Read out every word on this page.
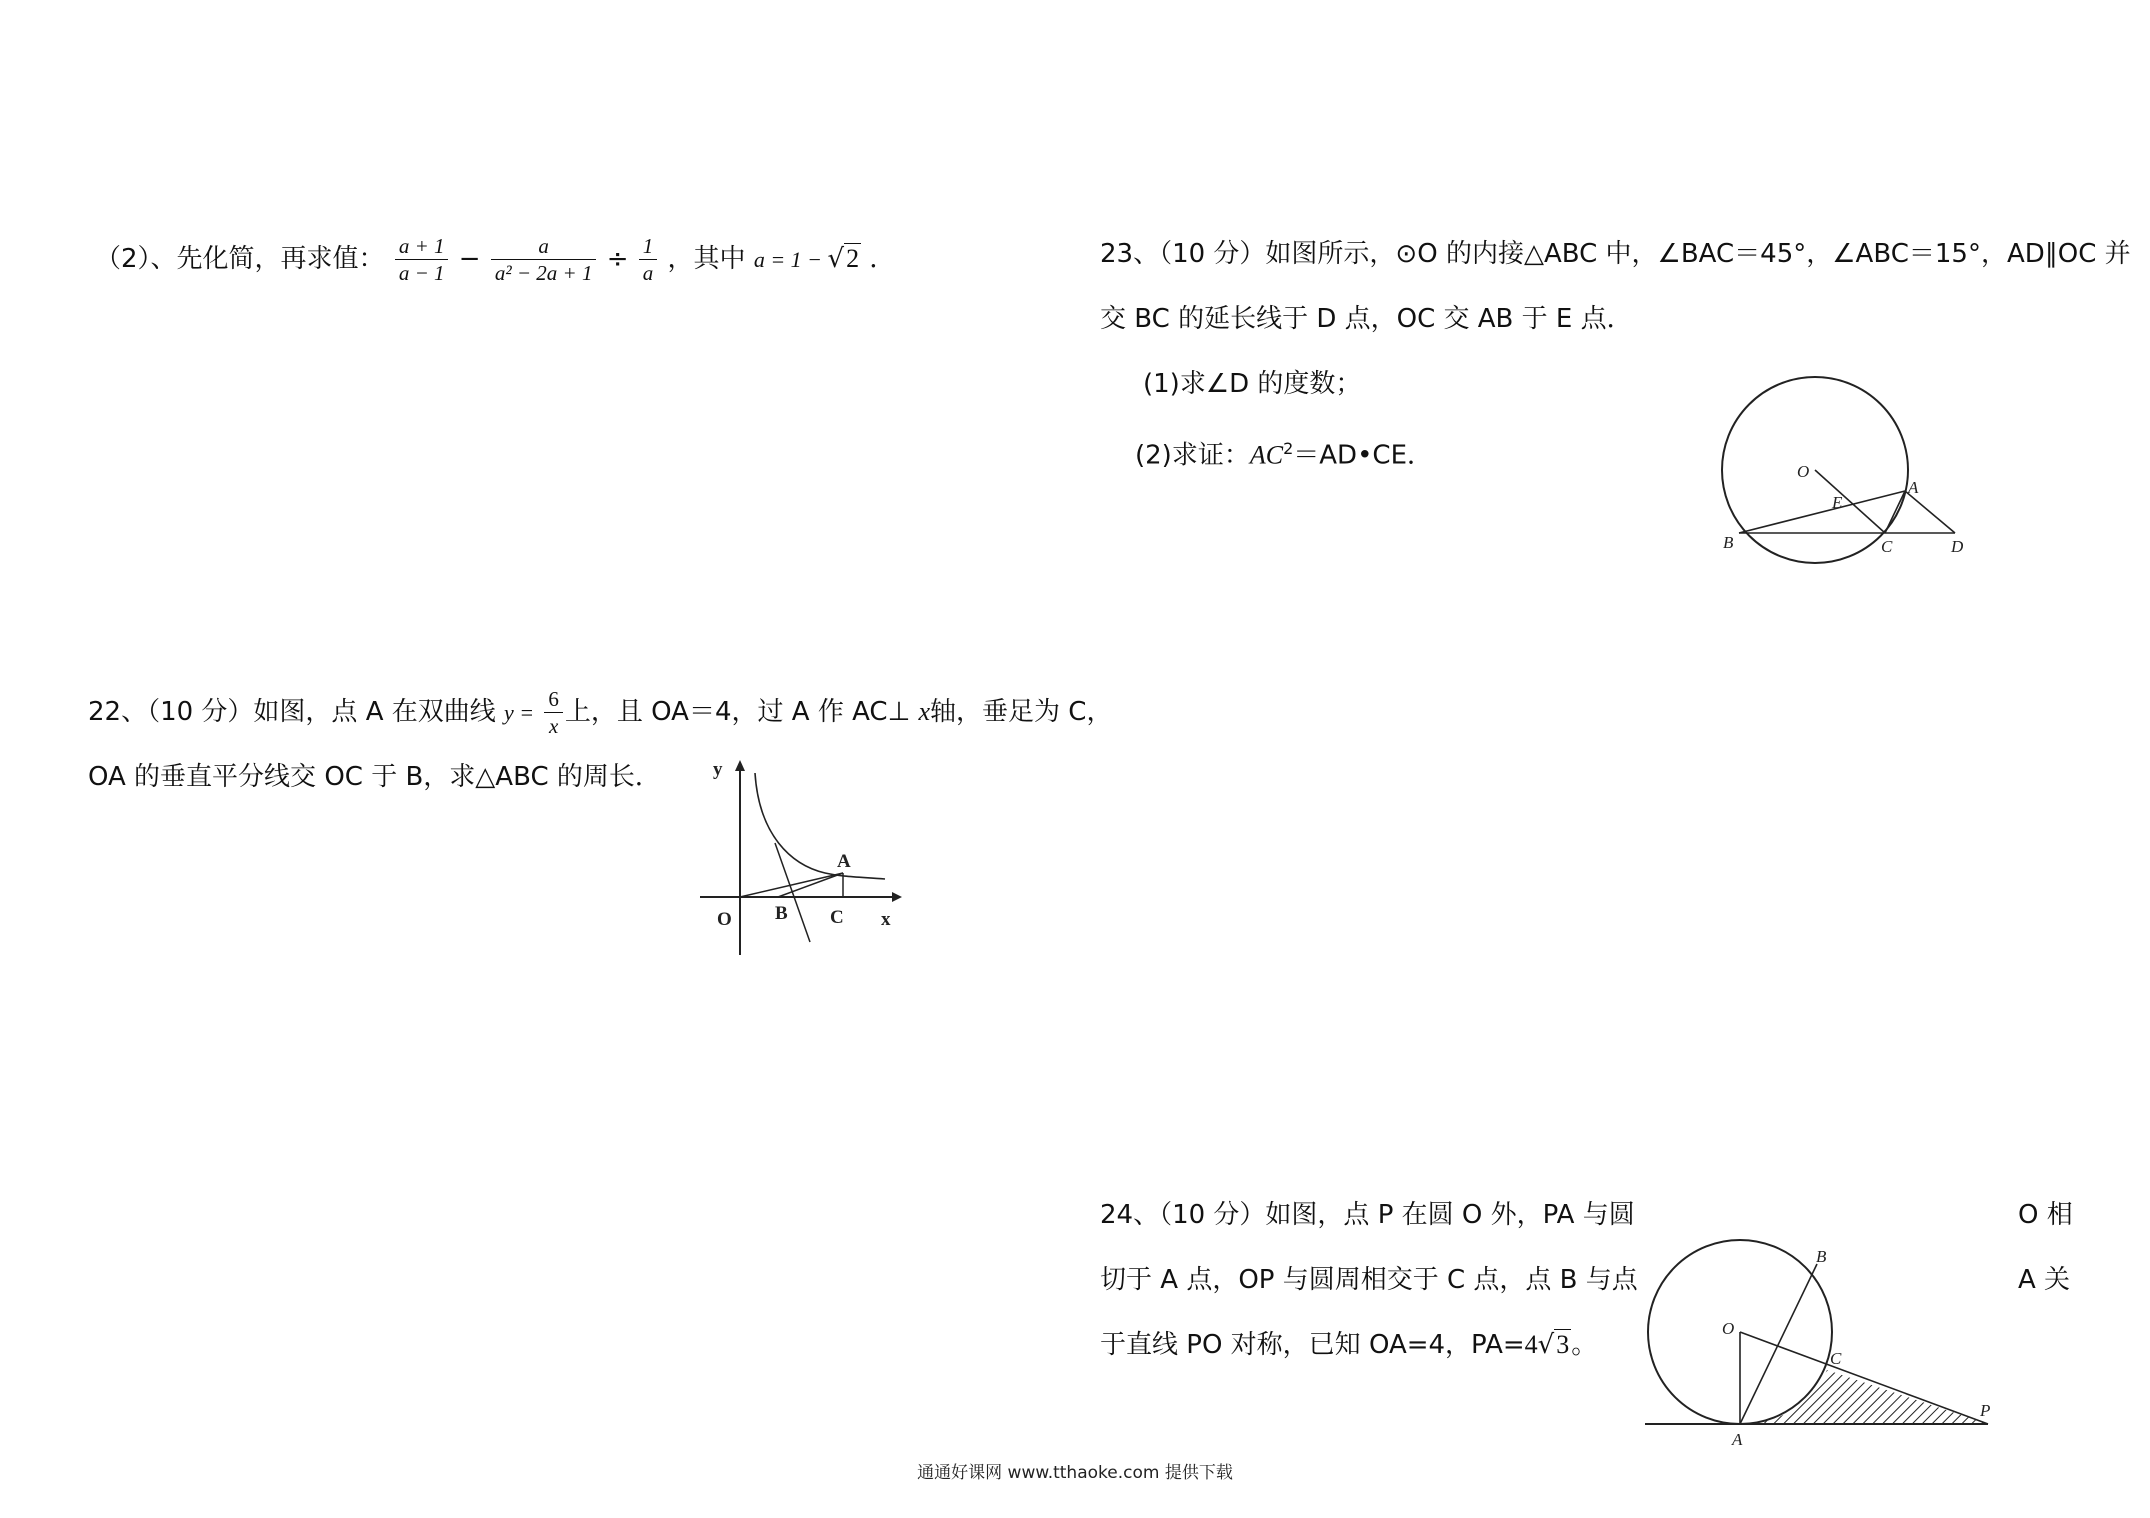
（2）、先化简，再求值： $\frac{a + 1}{a - 1} - \frac{a}{\text{a² − 2a + 1}} \div \frac{1}{a}$ ，其中 a = 1 − √2 ．
22、（10 分）如图，点 A 在双曲线 $y = \frac{6}{x}$ 上，且 OA＝4，过 A 作 AC⊥ x轴，垂足为 C，
OA 的垂直平分线交 OC 于 B，求△ABC 的周长．	y
x
O
A
B C
23、（10 分）如图所示，⊙O 的内接△ABC 中，∠BAC＝45°，∠ABC＝15°，AD∥OC 并
交 BC 的延长线于 D 点，OC 交 AB 于 E 点．
(1)求∠D 的度数；
(2)求证：$AC^2=AD•CE$．
O
E
A
B	C	D
24、（10 分）如图，点 P 在圆 O 外，PA 与圆	O 相
切于 A 点，OP 与圆周相交于 C 点，点 B 与点	A 关
于直线 PO 对称，已知 OA=4，PA=4√3。
O
B
C
A
P
通通好课网 www.tthaoke.com 提供下载
